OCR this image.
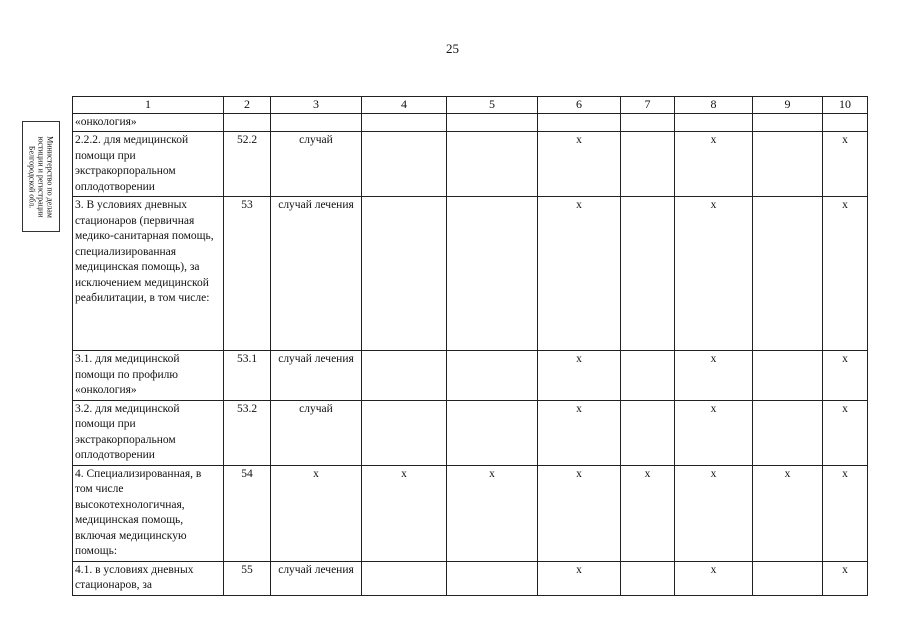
25
Министерство по делам юстиции и регистрации Белгородской обл.
1	2	3	4	5	6	7	8	9	10
«онкология»									
2.2.2. для медицинской помощи при экстракорпоральном оплодотворении	52.2	случай			x		x		x
3. В условиях дневных стационаров (первичная медико-санитарная помощь, специализированная медицинская помощь), за исключением медицинской реабилитации, в том числе:	53	случай лечения			x		x		x
3.1. для медицинской помощи по профилю «онкология»	53.1	случай лечения			x		x		x
3.2. для медицинской помощи при экстракорпоральном оплодотворении	53.2	случай			x		x		x
4. Специализированная, в том числе высокотехнологичная, медицинская помощь, включая медицинскую помощь:	54	x	x	x	x	x	x	x	x
4.1. в условиях дневных стационаров, за	55	случай лечения			x		x		x
